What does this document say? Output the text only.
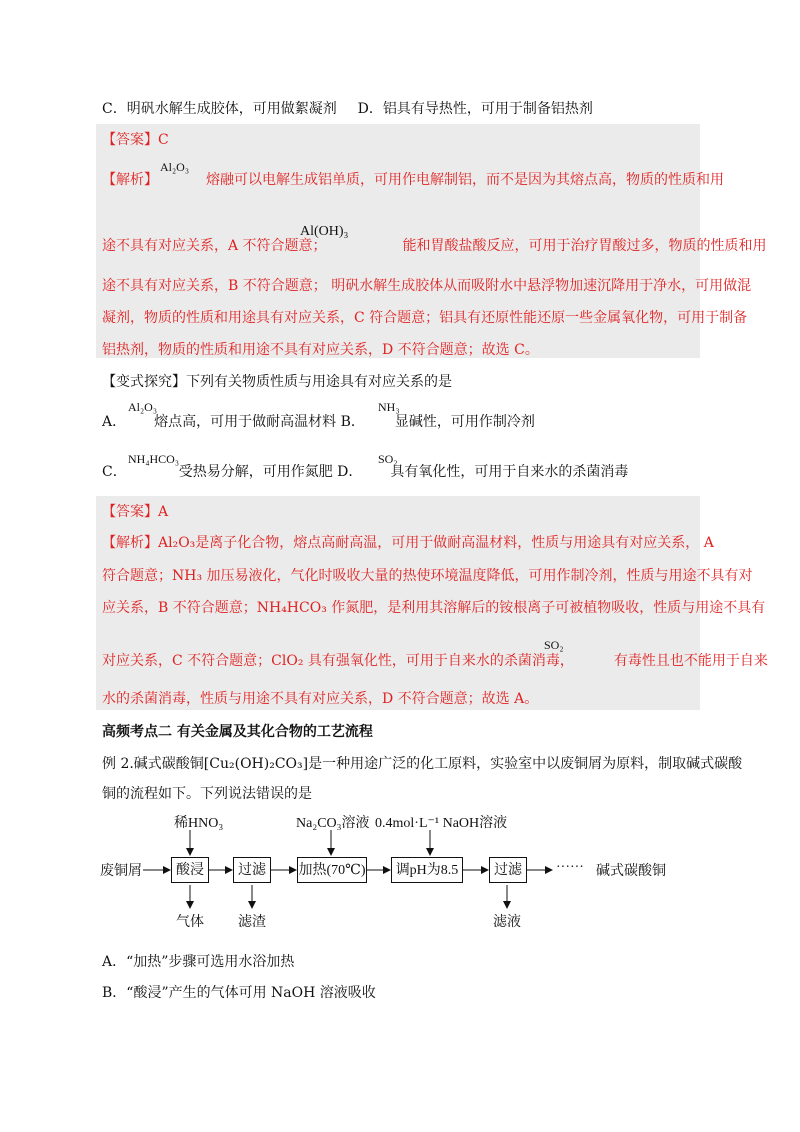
C．明矾水解生成胶体，可用做絮凝剂 D．铝具有导热性，可用于制备铝热剂
【答案】C
Al₂O₃
【解析】	熔融可以电解生成铝单质，可用作电解制铝，而不是因为其熔点高，物质的性质和用
途不具有对应关系，A 不符合题意；	能和胃酸盐酸反应，可用于治疗胃酸过多，物质的性质和用
Al(OH)₃
途不具有对应关系，B 不符合题意； 明矾水解生成胶体从而吸附水中悬浮物加速沉降用于净水，可用做混
凝剂，物质的性质和用途具有对应关系，C 符合题意；铝具有还原性能还原一些金属氧化物，可用于制备
铝热剂，物质的性质和用途不具有对应关系，D 不符合题意；故选 C。
【变式探究】下列有关物质性质与用途具有对应关系的是
A． 熔点高，可用于做耐高温材料 B． 显碱性，可用作制冷剂
Al₂O₃	NH₃
C．	受热易分解，可用作氮肥 D． 具有氧化性，可用于自来水的杀菌消毒
NH₄HCO₃	SO₂
【答案】A
【解析】Al₂O₃是离子化合物，熔点高耐高温，可用于做耐高温材料，性质与用途具有对应关系， A
符合题意；NH₃ 加压易液化，气化时吸收大量的热使环境温度降低，可用作制冷剂，性质与用途不具有对
应关系，B 不符合题意；NH₄HCO₃ 作氮肥，是利用其溶解后的铵根离子可被植物吸收，性质与用途不具有
对应关系，C 不符合题意；ClO₂ 具有强氧化性，可用于自来水的杀菌消毒，	有毒性且也不能用于自来
SO₂
水的杀菌消毒，性质与用途不具有对应关系，D 不符合题意；故选 A。
高频考点二 有关金属及其化合物的工艺流程
例 2.碱式碳酸铜[Cu₂(OH)₂CO₃]是一种用途广泛的化工原料，实验室中以废铜屑为原料，制取碱式碳酸
铜的流程如下。下列说法错误的是
废铜屑	酸浸	过滤	加热(70℃)	调pH为8.5	过滤	······ 碱式碳酸铜
稀HNO₃	Na₂CO₃溶液 0.4mol·L⁻¹ NaOH溶液
气体 滤渣	滤液
A．“加热”步骤可选用水浴加热
B．“酸浸”产生的气体可用 NaOH 溶液吸收
